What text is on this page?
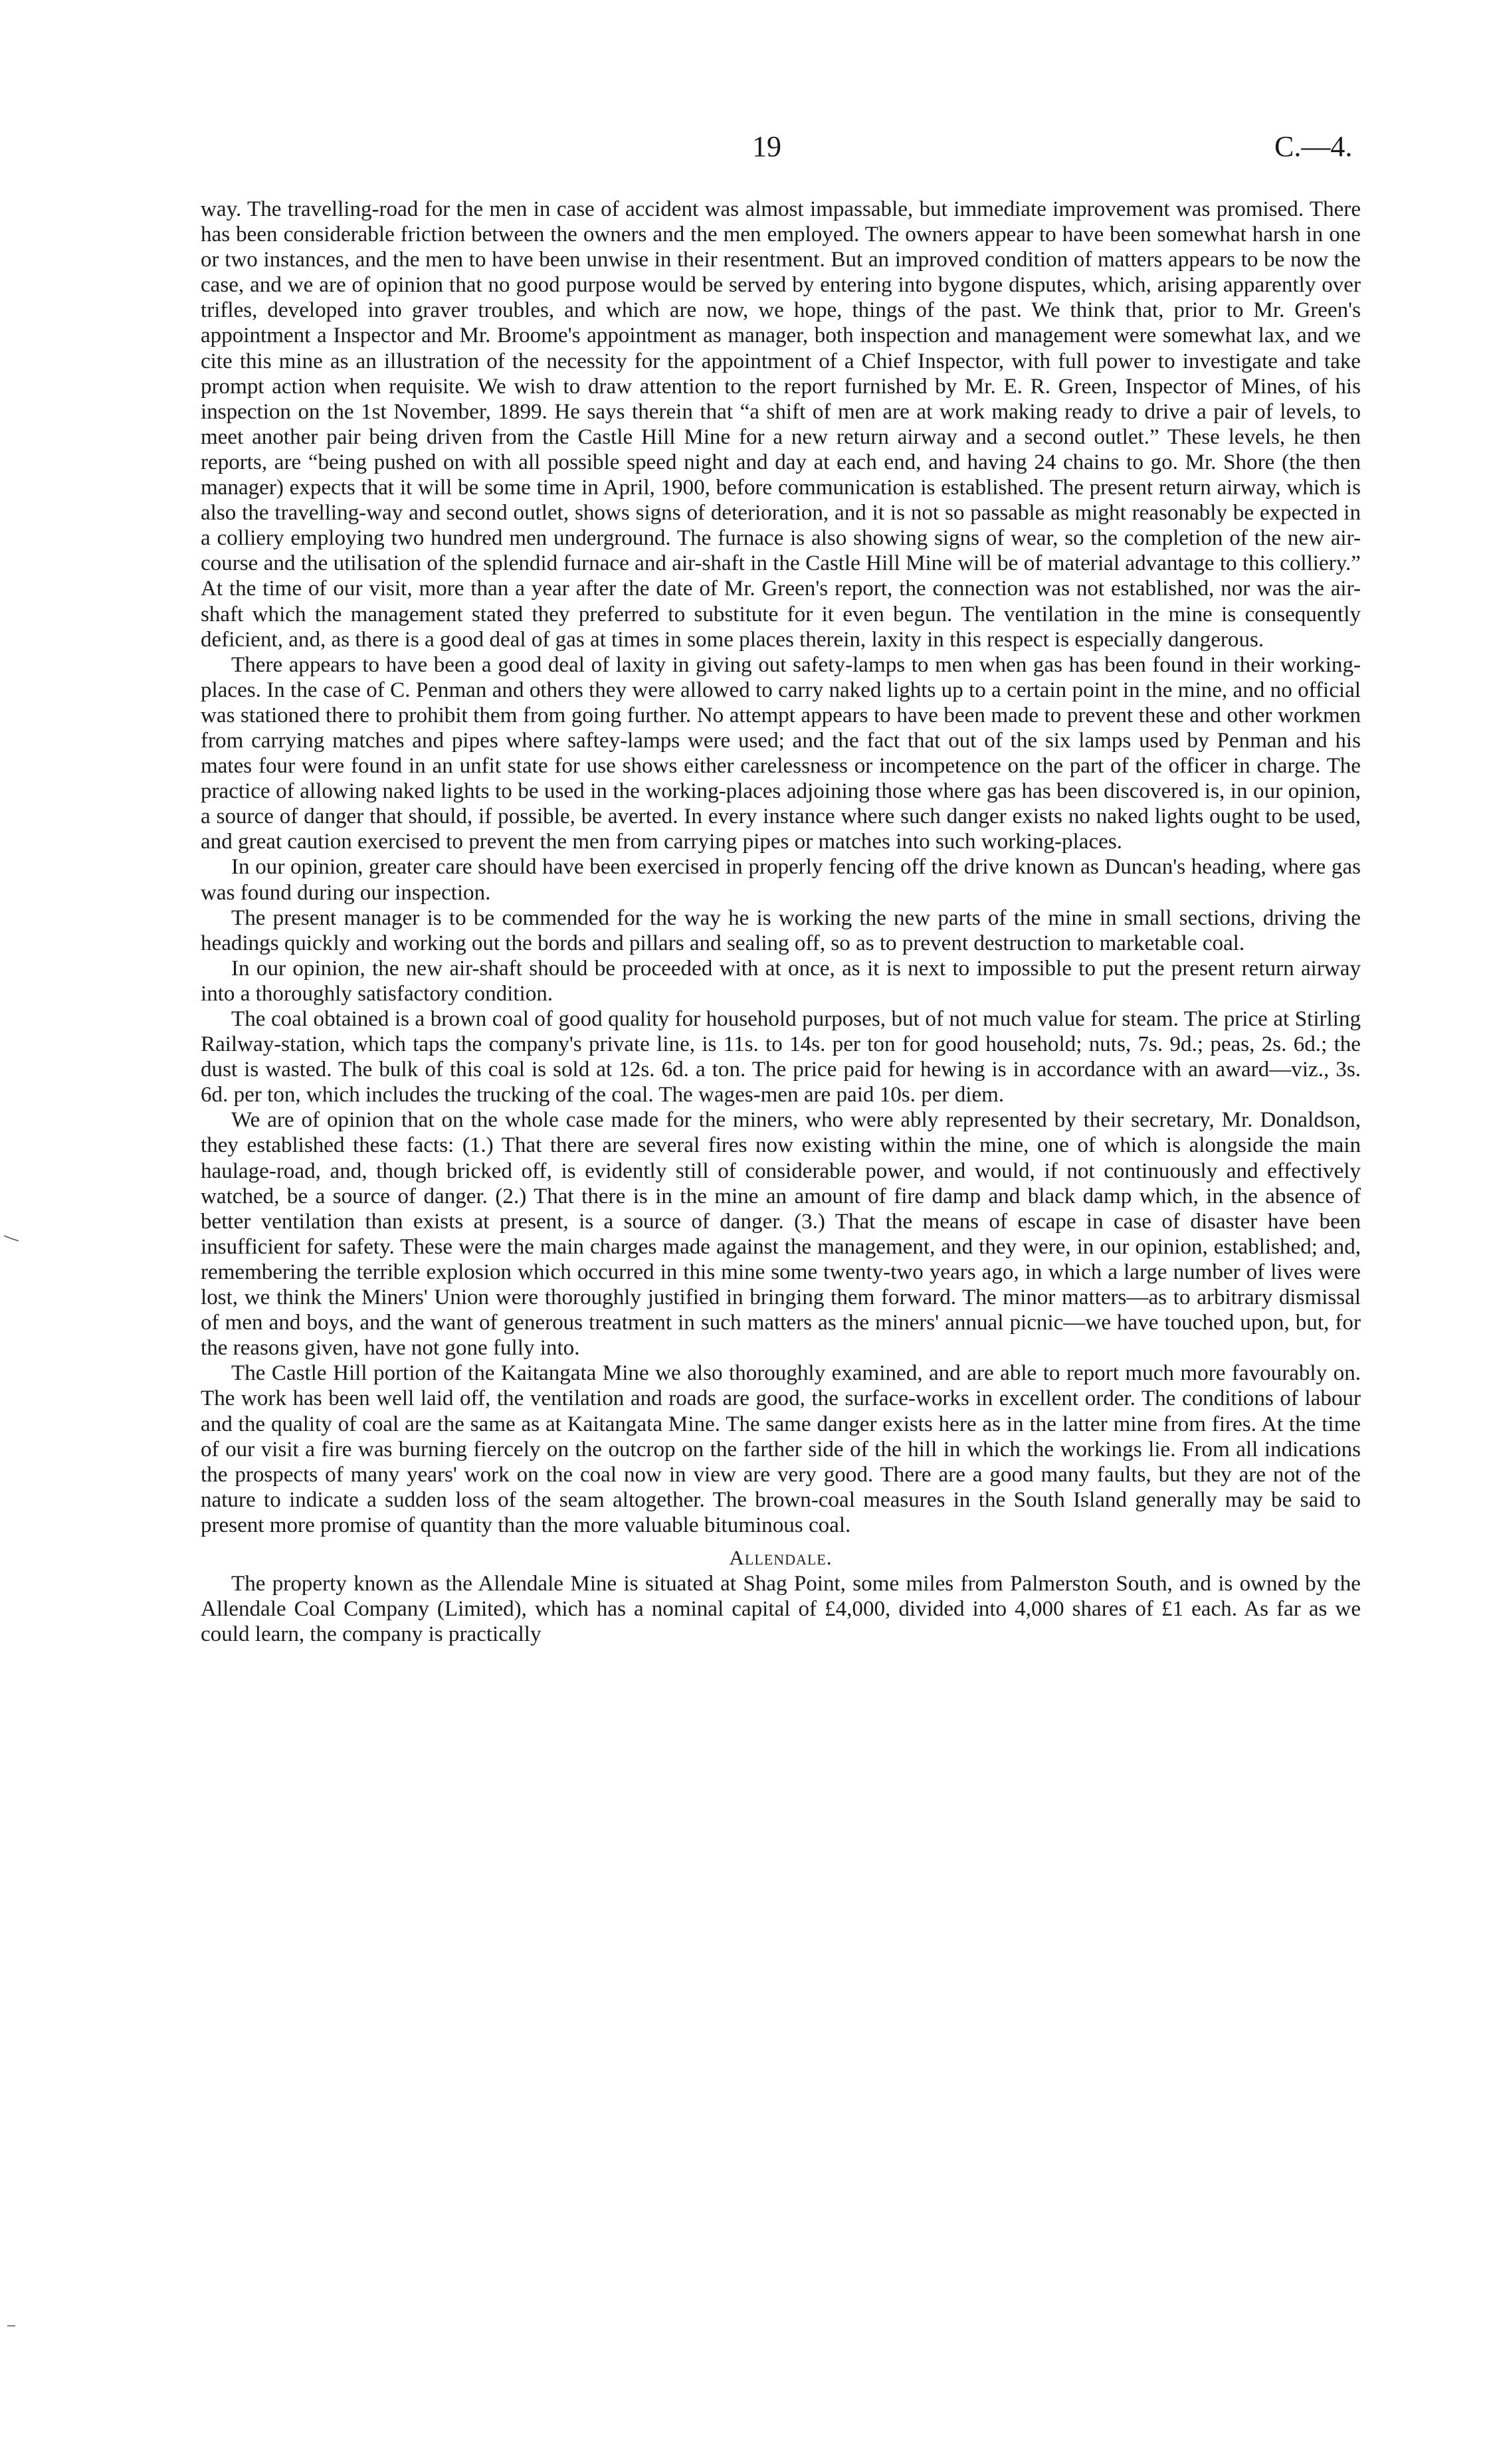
19	C.—4.

way. The travelling-road for the men in case of accident was almost impassable, but immediate improvement was promised. There has been considerable friction between the owners and the men employed. The owners appear to have been somewhat harsh in one or two instances, and the men to have been unwise in their resentment. But an improved condition of matters appears to be now the case, and we are of opinion that no good purpose would be served by entering into bygone disputes, which, arising apparently over trifles, developed into graver troubles, and which are now, we hope, things of the past. We think that, prior to Mr. Green's appointment a Inspector and Mr. Broome's appointment as manager, both inspection and management were somewhat lax, and we cite this mine as an illustration of the necessity for the appointment of a Chief Inspector, with full power to investigate and take prompt action when requisite. We wish to draw attention to the report furnished by Mr. E. R. Green, Inspector of Mines, of his inspection on the 1st November, 1899. He says therein that “a shift of men are at work making ready to drive a pair of levels, to meet another pair being driven from the Castle Hill Mine for a new return airway and a second outlet.” These levels, he then reports, are “being pushed on with all possible speed night and day at each end, and having 24 chains to go. Mr. Shore (the then manager) expects that it will be some time in April, 1900, before communication is established. The present return airway, which is also the travelling-way and second outlet, shows signs of deterioration, and it is not so passable as might reasonably be expected in a colliery employing two hundred men underground. The furnace is also showing signs of wear, so the completion of the new air-course and the utilisation of the splendid furnace and air-shaft in the Castle Hill Mine will be of material advantage to this colliery.” At the time of our visit, more than a year after the date of Mr. Green's report, the connection was not established, nor was the air-shaft which the management stated they preferred to substitute for it even begun. The ventilation in the mine is consequently deficient, and, as there is a good deal of gas at times in some places therein, laxity in this respect is especially dangerous.

There appears to have been a good deal of laxity in giving out safety-lamps to men when gas has been found in their working-places. In the case of C. Penman and others they were allowed to carry naked lights up to a certain point in the mine, and no official was stationed there to prohibit them from going further. No attempt appears to have been made to prevent these and other workmen from carrying matches and pipes where saftey-lamps were used; and the fact that out of the six lamps used by Penman and his mates four were found in an unfit state for use shows either carelessness or incompetence on the part of the officer in charge. The practice of allowing naked lights to be used in the working-places adjoining those where gas has been discovered is, in our opinion, a source of danger that should, if possible, be averted. In every instance where such danger exists no naked lights ought to be used, and great caution exercised to prevent the men from carrying pipes or matches into such working-places.

In our opinion, greater care should have been exercised in properly fencing off the drive known as Duncan's heading, where gas was found during our inspection.

The present manager is to be commended for the way he is working the new parts of the mine in small sections, driving the headings quickly and working out the bords and pillars and sealing off, so as to prevent destruction to marketable coal.

In our opinion, the new air-shaft should be proceeded with at once, as it is next to impossible to put the present return airway into a thoroughly satisfactory condition.

The coal obtained is a brown coal of good quality for household purposes, but of not much value for steam. The price at Stirling Railway-station, which taps the company's private line, is 11s. to 14s. per ton for good household; nuts, 7s. 9d.; peas, 2s. 6d.; the dust is wasted. The bulk of this coal is sold at 12s. 6d. a ton. The price paid for hewing is in accordance with an award—viz., 3s. 6d. per ton, which includes the trucking of the coal. The wages-men are paid 10s. per diem.

We are of opinion that on the whole case made for the miners, who were ably represented by their secretary, Mr. Donaldson, they established these facts: (1.) That there are several fires now existing within the mine, one of which is alongside the main haulage-road, and, though bricked off, is evidently still of considerable power, and would, if not continuously and effectively watched, be a source of danger. (2.) That there is in the mine an amount of fire damp and black damp which, in the absence of better ventilation than exists at present, is a source of danger. (3.) That the means of escape in case of disaster have been insufficient for safety. These were the main charges made against the management, and they were, in our opinion, established; and, remembering the terrible explosion which occurred in this mine some twenty-two years ago, in which a large number of lives were lost, we think the Miners' Union were thoroughly justified in bringing them forward. The minor matters—as to arbitrary dismissal of men and boys, and the want of generous treatment in such matters as the miners' annual picnic—we have touched upon, but, for the reasons given, have not gone fully into.

The Castle Hill portion of the Kaitangata Mine we also thoroughly examined, and are able to report much more favourably on. The work has been well laid off, the ventilation and roads are good, the surface-works in excellent order. The conditions of labour and the quality of coal are the same as at Kaitangata Mine. The same danger exists here as in the latter mine from fires. At the time of our visit a fire was burning fiercely on the outcrop on the farther side of the hill in which the workings lie. From all indications the prospects of many years' work on the coal now in view are very good. There are a good many faults, but they are not of the nature to indicate a sudden loss of the seam altogether. The brown-coal measures in the South Island generally may be said to present more promise of quantity than the more valuable bituminous coal.

Allendale.

The property known as the Allendale Mine is situated at Shag Point, some miles from Palmerston South, and is owned by the Allendale Coal Company (Limited), which has a nominal capital of £4,000, divided into 4,000 shares of £1 each. As far as we could learn, the company is practically
